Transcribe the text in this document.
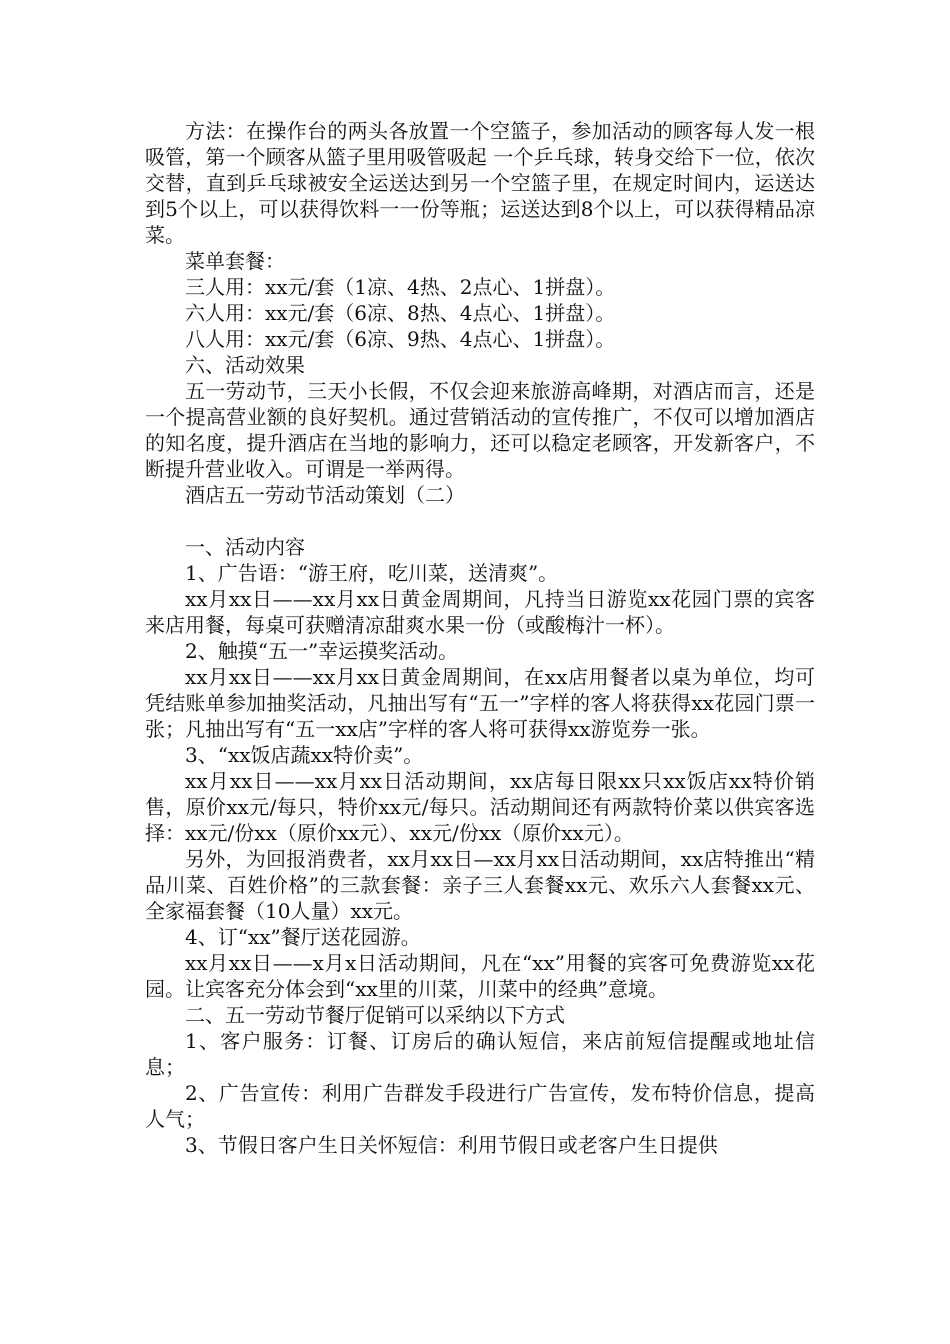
方法：在操作台的两头各放置一个空篮子，参加活动的顾客每人发一根吸管，第一个顾客从篮子里用吸管吸起 一个乒乓球，转身交给下一位，依次交替，直到乒乓球被安全运送达到另一个空篮子里，在规定时间内，运送达到5个以上，可以获得饮料一一份等瓶；运送达到8个以上，可以获得精品凉菜。

菜单套餐：

三人用：xx元/套（1凉、4热、2点心、1拼盘）。

六人用：xx元/套（6凉、8热、4点心、1拼盘）。

八人用：xx元/套（6凉、9热、4点心、1拼盘）。

六、活动效果

五一劳动节，三天小长假，不仅会迎来旅游高峰期，对酒店而言，还是一个提高营业额的良好契机。通过营销活动的宣传推广，不仅可以增加酒店的知名度，提升酒店在当地的影响力，还可以稳定老顾客，开发新客户，不断提升营业收入。可谓是一举两得。

酒店五一劳动节活动策划（二）

一、活动内容

1、广告语：“游王府，吃川菜，送清爽”。

xx月xx日——xx月xx日黄金周期间，凡持当日游览xx花园门票的宾客来店用餐，每桌可获赠清凉甜爽水果一份（或酸梅汁一杯）。

2、触摸“五一”幸运摸奖活动。

xx月xx日——xx月xx日黄金周期间，在xx店用餐者以桌为单位，均可凭结账单参加抽奖活动，凡抽出写有“五一”字样的客人将获得xx花园门票一张；凡抽出写有“五一xx店”字样的客人将可获得xx游览券一张。

3、“xx饭店蔬xx特价卖”。

xx月xx日——xx月xx日活动期间，xx店每日限xx只xx饭店xx特价销售，原价xx元/每只，特价xx元/每只。活动期间还有两款特价菜以供宾客选择：xx元/份xx（原价xx元）、xx元/份xx（原价xx元）。

另外，为回报消费者，xx月xx日—xx月xx日活动期间，xx店特推出“精品川菜、百姓价格”的三款套餐：亲子三人套餐xx元、欢乐六人套餐xx元、全家福套餐（10人量）xx元。

4、订“xx”餐厅送花园游。

xx月xx日——x月x日活动期间，凡在“xx”用餐的宾客可免费游览xx花园。让宾客充分体会到“xx里的川菜，川菜中的经典”意境。

二、五一劳动节餐厅促销可以采纳以下方式

1、客户服务：订餐、订房后的确认短信，来店前短信提醒或地址信息；

2、广告宣传：利用广告群发手段进行广告宣传，发布特价信息，提高人气；

3、节假日客户生日关怀短信：利用节假日或老客户生日提供
